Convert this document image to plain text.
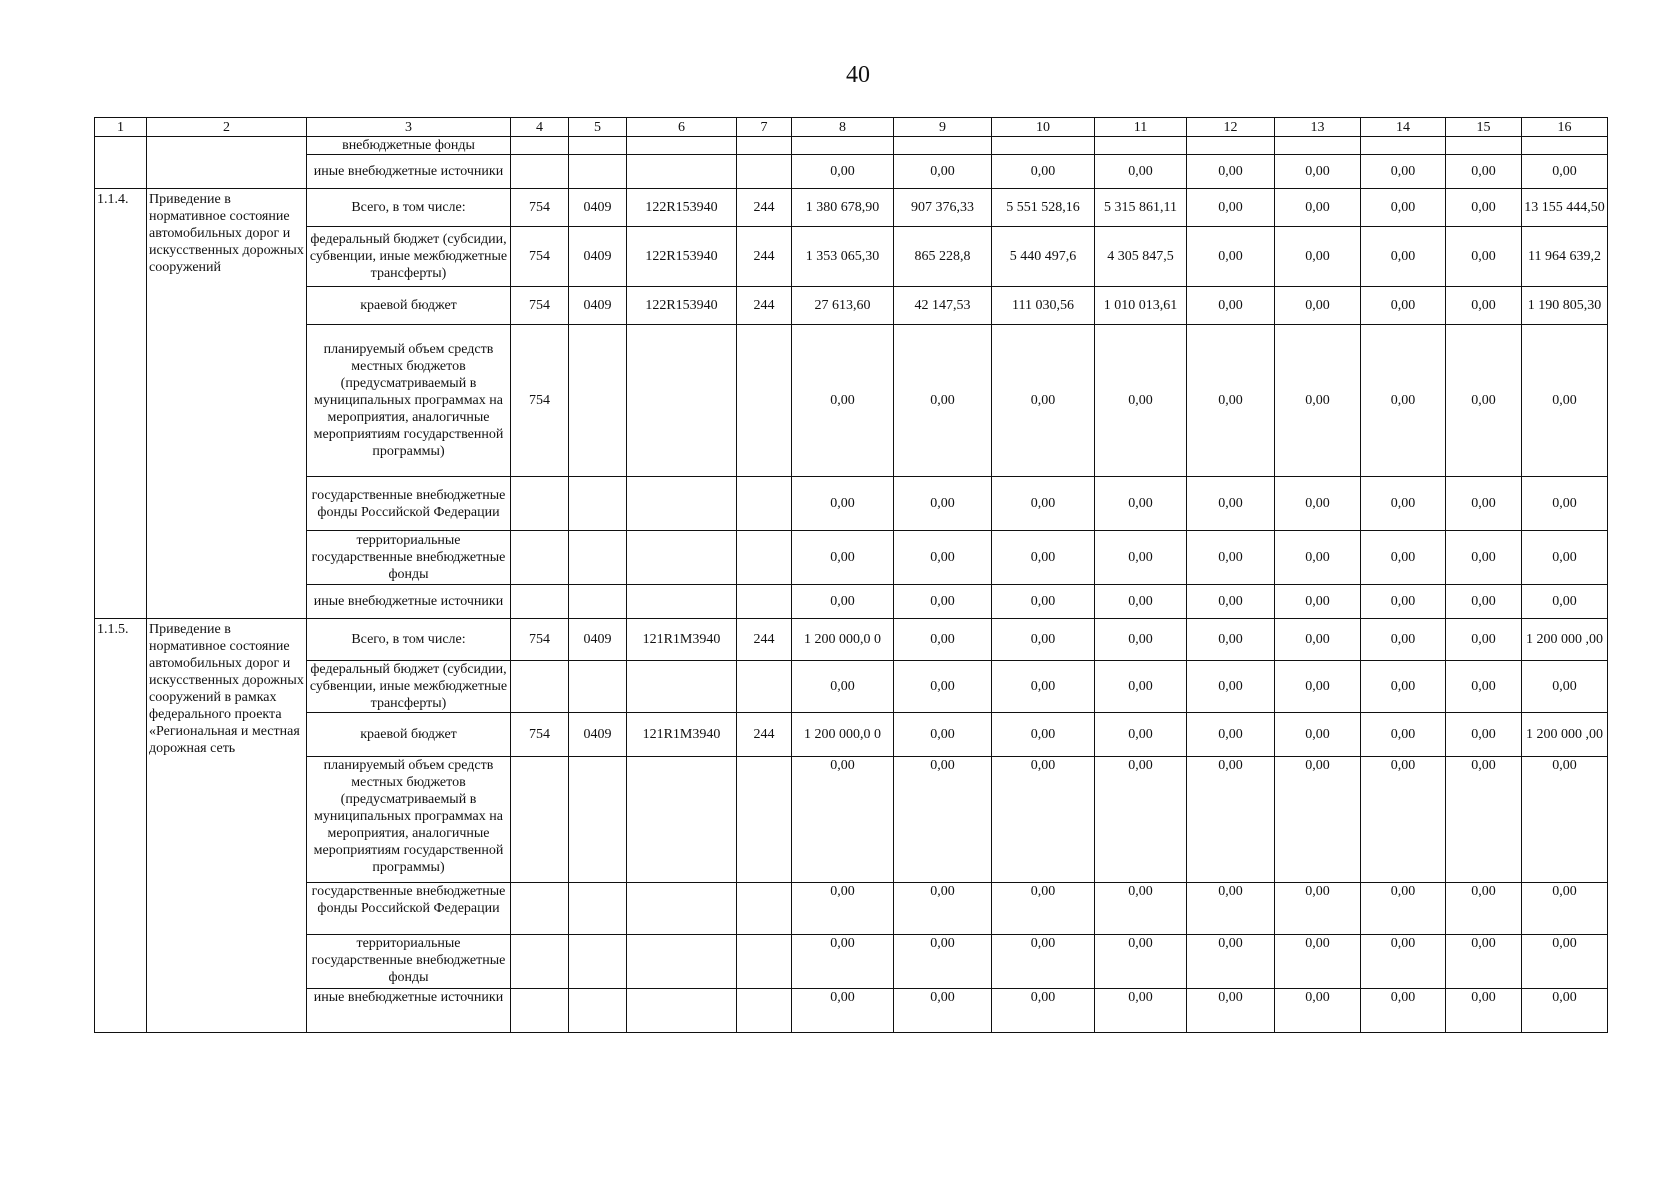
40
1	2	3	4	5	6	7	8	9	10	11	12	13	14	15	16
		внебюджетные фонды													
		иные внебюджетные источники					0,00	0,00	0,00	0,00	0,00	0,00	0,00	0,00	0,00
1.1.4.	Приведение в нормативное состояние автомобильных дорог и искусственных дорожных сооружений	Всего, в том числе:	754	0409	122R153940	244	1 380 678,90	907 376,33	5 551 528,16	5 315 861,11	0,00	0,00	0,00	0,00	13 155 444,50
		федеральный бюджет (субсидии, субвенции, иные межбюджетные трансферты)	754	0409	122R153940	244	1 353 065,30	865 228,8	5 440 497,6	4 305 847,5	0,00	0,00	0,00	0,00	11 964 639,2
		краевой бюджет	754	0409	122R153940	244	27 613,60	42 147,53	111 030,56	1 010 013,61	0,00	0,00	0,00	0,00	1 190 805,30
		планируемый объем средств местных бюджетов (предусматриваемый в муниципальных программах на мероприятия, аналогичные мероприятиям государственной программы)	754				0,00	0,00	0,00	0,00	0,00	0,00	0,00	0,00	0,00
		государственные внебюджетные фонды Российской Федерации					0,00	0,00	0,00	0,00	0,00	0,00	0,00	0,00	0,00
		территориальные государственные внебюджетные фонды					0,00	0,00	0,00	0,00	0,00	0,00	0,00	0,00	0,00
		иные внебюджетные источники					0,00	0,00	0,00	0,00	0,00	0,00	0,00	0,00	0,00
1.1.5.	Приведение в нормативное состояние автомобильных дорог и искусственных дорожных сооружений в рамках федерального проекта «Региональная и местная дорожная сеть	Всего, в том числе:	754	0409	121R1M3940	244	1 200 000,0 0	0,00	0,00	0,00	0,00	0,00	0,00	0,00	1 200 000 ,00
		федеральный бюджет (субсидии, субвенции, иные межбюджетные трансферты)					0,00	0,00	0,00	0,00	0,00	0,00	0,00	0,00	0,00
		краевой бюджет	754	0409	121R1M3940	244	1 200 000,0 0	0,00	0,00	0,00	0,00	0,00	0,00	0,00	1 200 000 ,00
		планируемый объем средств местных бюджетов (предусматриваемый в муниципальных программах на мероприятия, аналогичные мероприятиям государственной программы)					0,00	0,00	0,00	0,00	0,00	0,00	0,00	0,00	0,00
		государственные внебюджетные фонды Российской Федерации					0,00	0,00	0,00	0,00	0,00	0,00	0,00	0,00	0,00
		территориальные государственные внебюджетные фонды					0,00	0,00	0,00	0,00	0,00	0,00	0,00	0,00	0,00
		иные внебюджетные источники					0,00	0,00	0,00	0,00	0,00	0,00	0,00	0,00	0,00
